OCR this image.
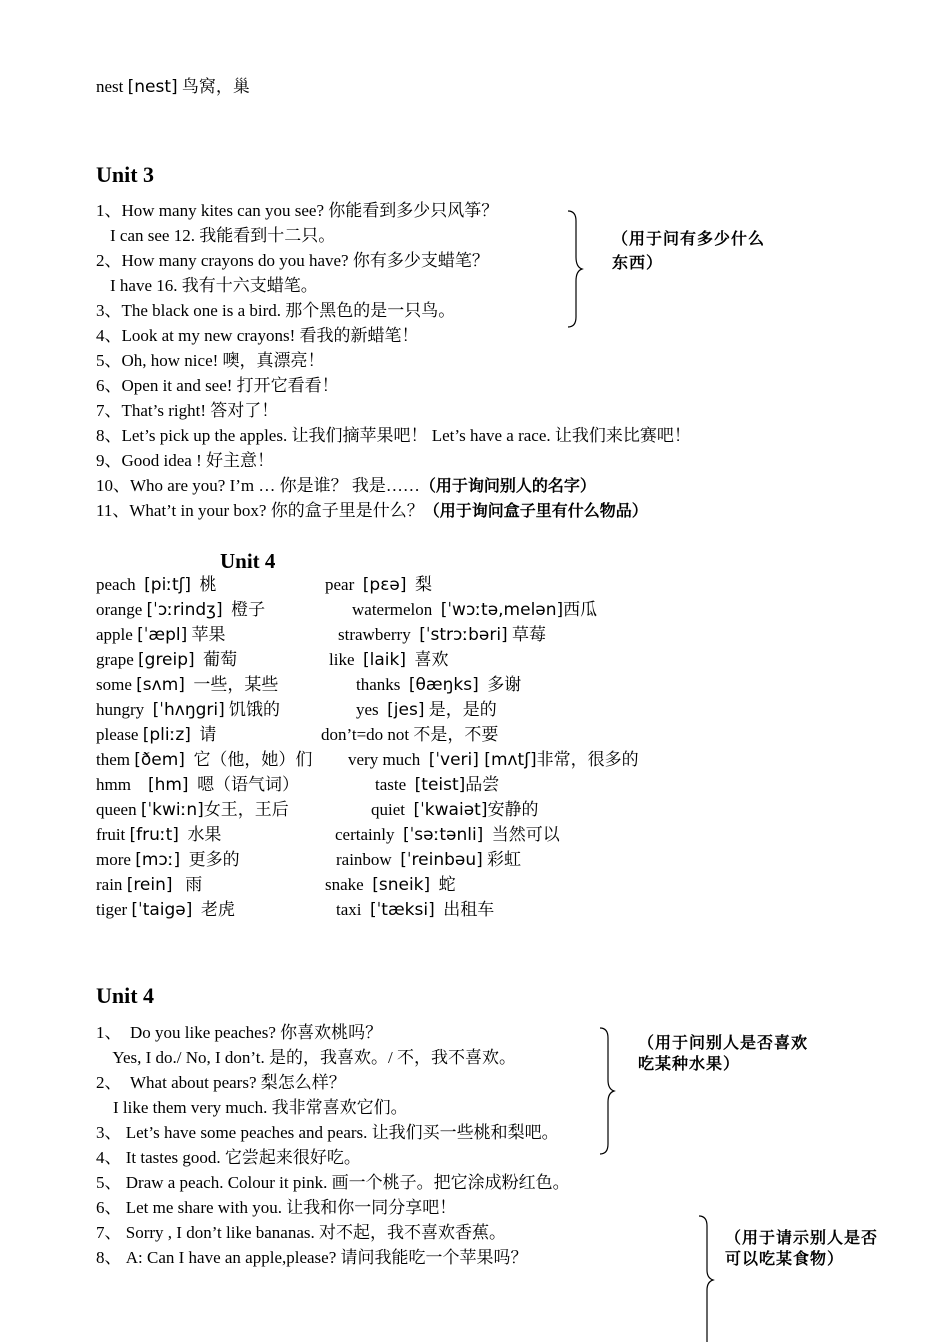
nest [nest] 鸟窝，巢
Unit 3
1、How many kites can you see? 你能看到多少只风筝？
I can see 12. 我能看到十二只。
2、How many crayons do you have? 你有多少支蜡笔？
I have 16. 我有十六支蜡笔。
3、The black one is a bird. 那个黑色的是一只鸟。
4、Look at my new crayons! 看我的新蜡笔！
5、Oh, how nice! 噢，真漂亮！
6、Open it and see! 打开它看看！
7、That’s right! 答对了！
8、Let’s pick up the apples. 让我们摘苹果吧！ Let’s have a race. 让我们来比赛吧！
9、Good idea ! 好主意！
10、Who are you? I’m … 你是谁？ 我是……（用于询问别人的名字）
11、What’t in your box? 你的盒子里是什么？（用于询问盒子里有什么物品）
（用于问有多少什么
东西）
Unit 4
peach [piːtʃ] 桃
orange [ˈɔːrindʒ] 橙子
apple [ˈæpl] 苹果
grape [greip] 葡萄
some [sʌm] 一些，某些
hungry [ˈhʌŋgri] 饥饿的
please [pliːz] 请
them [ðem] 它（他，她）们
hmm [hm] 嗯（语气词）
queen [ˈkwiːn]女王，王后
fruit [fruːt] 水果
more [mɔː] 更多的
rain [rein] 雨
tiger [ˈtaigə] 老虎
pear [pɛə] 梨
watermelon [ˈwɔːtə,melən]西瓜
strawberry [ˈstrɔːbəri] 草莓
like [laik] 喜欢
thanks [θæŋks] 多谢
yes [jes] 是，是的
don’t=do not 不是，不要
very much [ˈveri] [mʌtʃ]非常，很多的
taste [teist]品尝
quiet [ˈkwaiət]安静的
certainly [ˈsəːtənli] 当然可以
rainbow [ˈreinbəu] 彩虹
snake [sneik] 蛇
taxi [ˈtæksi] 出租车
Unit 4
1、  Do you like peaches? 你喜欢桃吗？
Yes, I do./ No, I don’t. 是的，我喜欢。/ 不，我不喜欢。
2、  What about pears? 梨怎么样？
I like them very much. 我非常喜欢它们。
3、 Let’s have some peaches and pears. 让我们买一些桃和梨吧。
4、 It tastes good. 它尝起来很好吃。
5、 Draw a peach. Colour it pink. 画一个桃子。把它涂成粉红色。
6、 Let me share with you. 让我和你一同分享吧！
7、 Sorry , I don’t like bananas. 对不起，我不喜欢香蕉。
8、 A: Can I have an apple,please? 请问我能吃一个苹果吗？
（用于问别人是否喜欢
吃某种水果）
（用于请示别人是否
可以吃某食物）
